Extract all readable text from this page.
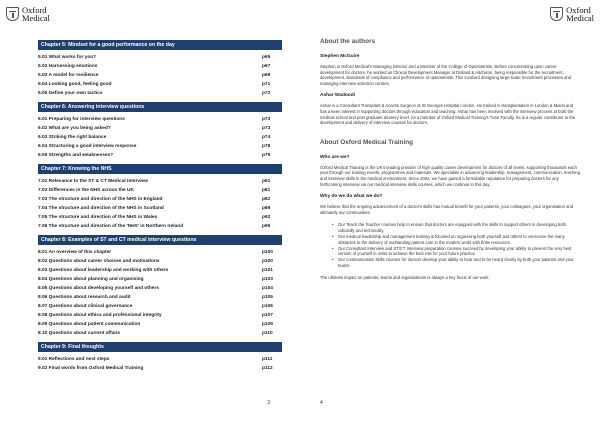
Oxford
Medical
Chapter 5: Mindset for a good performance on the day
5.01 What works for you?	p65
5.02 Harnessing emotions	p67
5.03 A model for resilience	p68
5.04 Looking good, feeling good	p71
5.05 Define your own tactics	p72
Chapter 6: Answering interview questions
6.01 Preparing for interview questions	p73
6.02 What are you being asked?	p73
6.03 Striking the right balance	p74
6.04 Structuring a good interview response	p78
6.05 Strengths and weaknesses?	p79
Chapter 7: Knowing the NHS
7.01 Relevance to the ST & CT Medical Interview	p81
7.02 Differences in the NHS across the UK	p81
7.03 The structure and direction of the NHS in England	p82
7.04 The structure and direction of the NHS in Scotland	p89
7.05 The structure and direction of the NHS in Wales	p92
7.06 The structure and direction of the 'NHS' in Northern Ireland	p95
Chapter 8: Examples of ST and CT medical interview questions
8.01 An overview of this chapter	p100
8.02 Questions about career choices and motivations	p100
8.03 Questions about leadership and working with others	p101
8.04 Questions about planning and organising	p103
8.05 Questions about developing yourself and others	p104
8.06 Questions about research and audit	p105
8.07 Questions about clinical governance	p106
8.08 Questions about ethics and professional integrity	p107
8.09 Questions about patient communication	p109
8.10 Questions about current affairs	p110
Chapter 9: Final thoughts
9.01 Reflections and next steps	p111
9.02 Final words from Oxford Medical Training	p112
3
Oxford
Medical
About the authors
Stephen McGuire
Stephen is Oxford Medical's Managing Director and a Member of the College of Optometrists. Before concentrating upon career development for doctors, he worked as Clinical Development Manager at Dolland & Aitchison, being responsible for the recruitment, development, standards of compliance and performance of optometrists. This involved designing large-scale recruitment processes and managing interview selection centres.
Ashar Wadoodi
Ashar is a Consultant Transplant & Access Surgeon at St Georges Hospital London. He trained in transplantation in London & Miami and has a keen interest in supporting doctors through education and teaching. Ashar has been involved with the interview process at both the medical school and post graduate deanery level. As a member of Oxford Medical Training's Tutor Faculty, he is a regular contributor to the development and delivery of interview courses for doctors.
About Oxford Medical Training
Who are we?
Oxford Medical Training is the UK's leading provider of high quality career development for doctors of all levels, supporting thousands each year through our training events, programmes and materials. We specialise in advancing leadership, management, communication, teaching and interview skills in the medical environment. Since 2004, we have gained a formidable reputation for preparing doctors for any forthcoming interview via our medical interview skills courses, which we continue to this day.
Why do we do what we do?
We believe that the ongoing advancement of a doctor's skills has mutual benefit for your patients, your colleagues, your organisation and ultimately our communities.
• Our Teach the Teacher courses help to ensure that doctors are equipped with the skills to support others in developing both culturally and technically.
• Our medical leadership and management training is focused on organising both yourself and others to overcome the many obstacles to the delivery of outstanding patient care in the modern world with finite resources.
• Our Consultant Interview and ST/CT Interview preparation courses succeed by developing your ability to present the very best version of yourself in order to achieve the best role for your future practice.
• Our communication skills courses for doctors develop your ability to hear and to be heard clearly by both your patients and your teams.
The ultimate impact on patients, teams and organisations is always a key focus of our work.
4
